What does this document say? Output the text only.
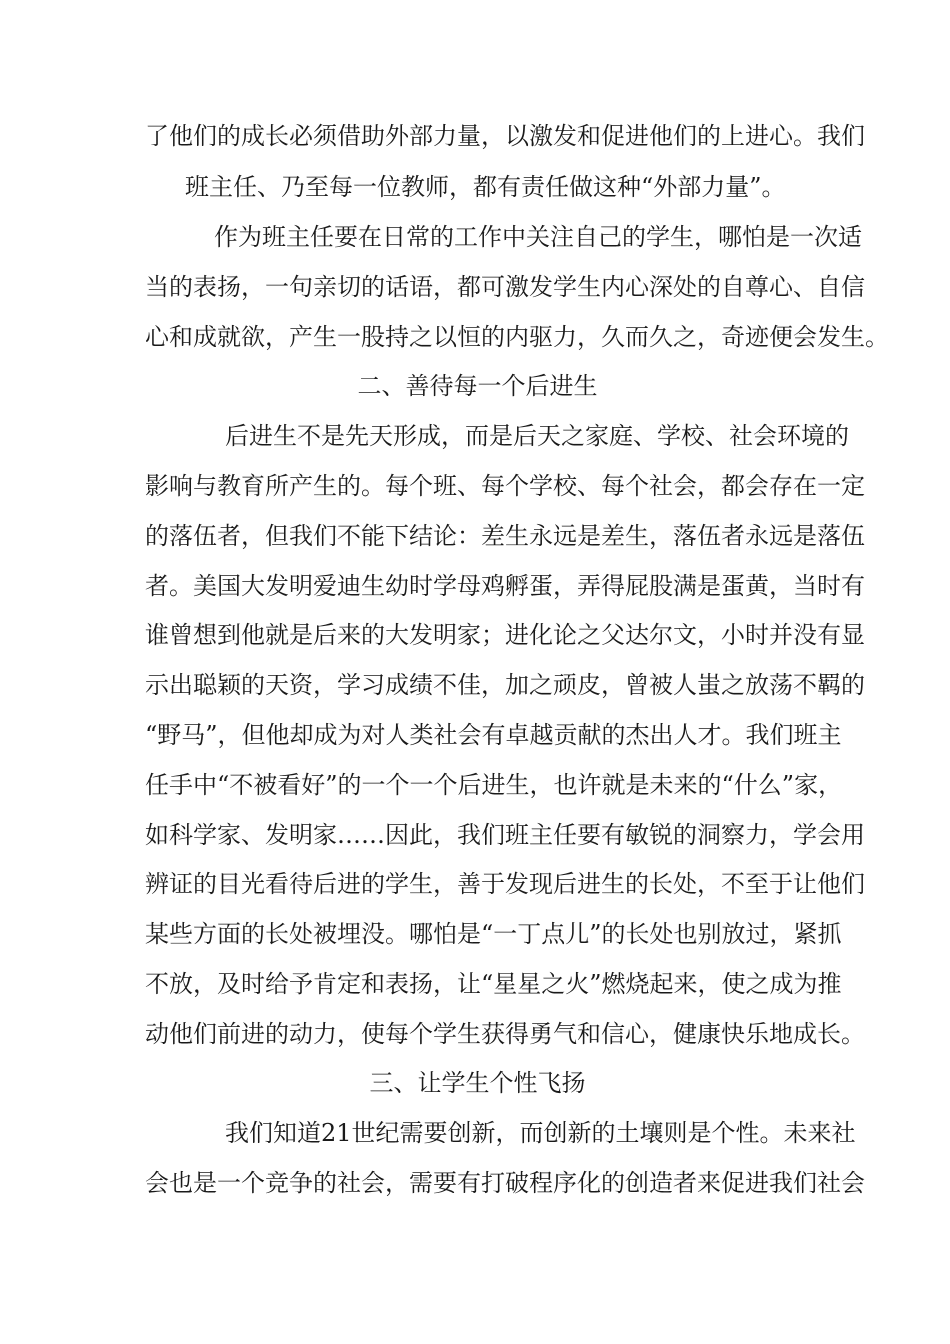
了他们的成长必须借助外部力量，以激发和促进他们的上进心。我们
班主任、乃至每一位教师，都有责任做这种“外部力量”。
作为班主任要在日常的工作中关注自己的学生，哪怕是一次适
当的表扬，一句亲切的话语，都可激发学生内心深处的自尊心、自信
心和成就欲，产生一股持之以恒的内驱力，久而久之，奇迹便会发生。
二、善待每一个后进生
后进生不是先天形成，而是后天之家庭、学校、社会环境的
影响与教育所产生的。每个班、每个学校、每个社会，都会存在一定
的落伍者，但我们不能下结论：差生永远是差生，落伍者永远是落伍
者。美国大发明爱迪生幼时学母鸡孵蛋，弄得屁股满是蛋黄，当时有
谁曾想到他就是后来的大发明家；进化论之父达尔文，小时并没有显
示出聪颖的天资，学习成绩不佳，加之顽皮，曾被人蚩之放荡不羁的
“野马”，但他却成为对人类社会有卓越贡献的杰出人才。我们班主
任手中“不被看好”的一个一个后进生，也许就是未来的“什么”家，
如科学家、发明家……因此，我们班主任要有敏锐的洞察力，学会用
辨证的目光看待后进的学生，善于发现后进生的长处，不至于让他们
某些方面的长处被埋没。哪怕是“一丁点儿”的长处也别放过，紧抓
不放，及时给予肯定和表扬，让“星星之火”燃烧起来，使之成为推
动他们前进的动力，使每个学生获得勇气和信心，健康快乐地成长。
三、让学生个性飞扬
我们知道21世纪需要创新，而创新的土壤则是个性。未来社
会也是一个竞争的社会，需要有打破程序化的创造者来促进我们社会
